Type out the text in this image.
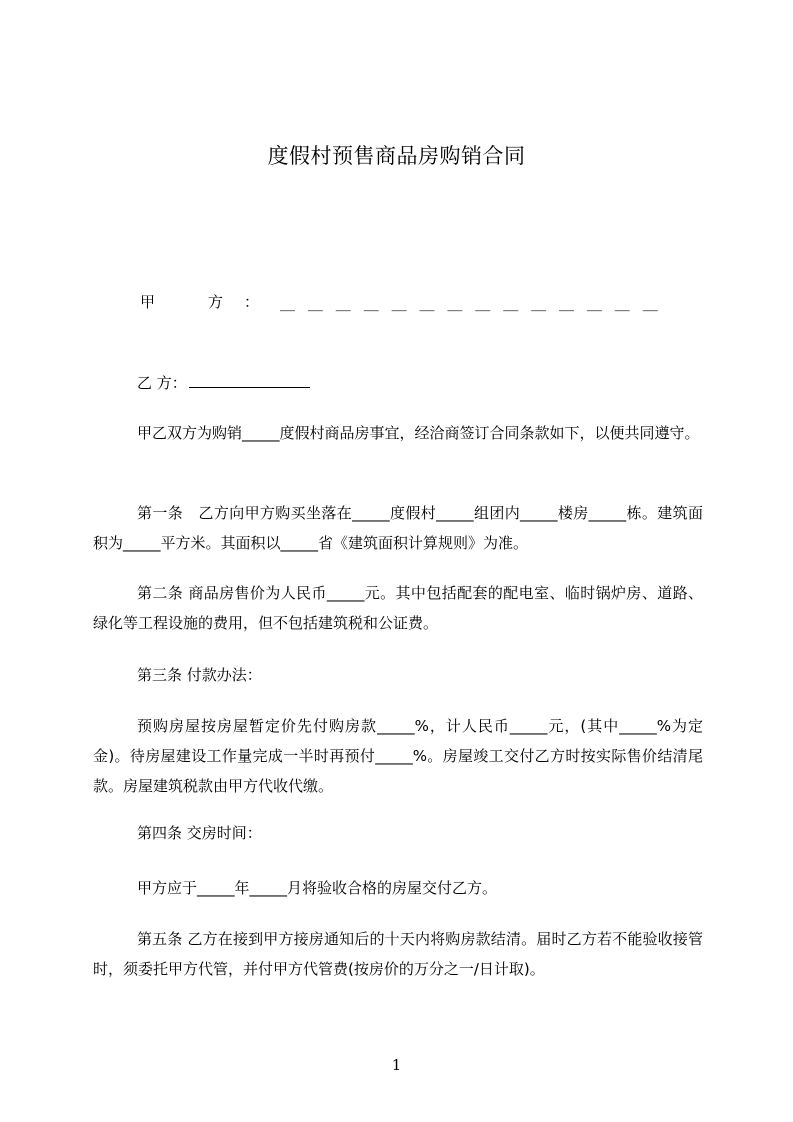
度假村预售商品房购销合同
甲	方 ： ＿＿＿＿＿＿＿＿＿＿＿＿＿＿
乙 方：

甲乙双方为购销_____度假村商品房事宜，经洽商签订合同条款如下，以便共同遵守。

第一条　乙方向甲方购买坐落在_____度假村_____组团内_____楼房_____栋。建筑面积为_____平方米。其面积以_____省《建筑面积计算规则》为准。

第二条 商品房售价为人民币_____元。其中包括配套的配电室、临时锅炉房、道路、绿化等工程设施的费用，但不包括建筑税和公证费。

第三条 付款办法：

预购房屋按房屋暂定价先付购房款_____%，计人民币_____元，(其中_____%为定金)。待房屋建设工作量完成一半时再预付_____%。房屋竣工交付乙方时按实际售价结清尾款。房屋建筑税款由甲方代收代缴。

第四条 交房时间：

甲方应于_____年_____月将验收合格的房屋交付乙方。

第五条 乙方在接到甲方接房通知后的十天内将购房款结清。届时乙方若不能验收接管时，须委托甲方代管，并付甲方代管费(按房价的万分之一/日计取)。

1
